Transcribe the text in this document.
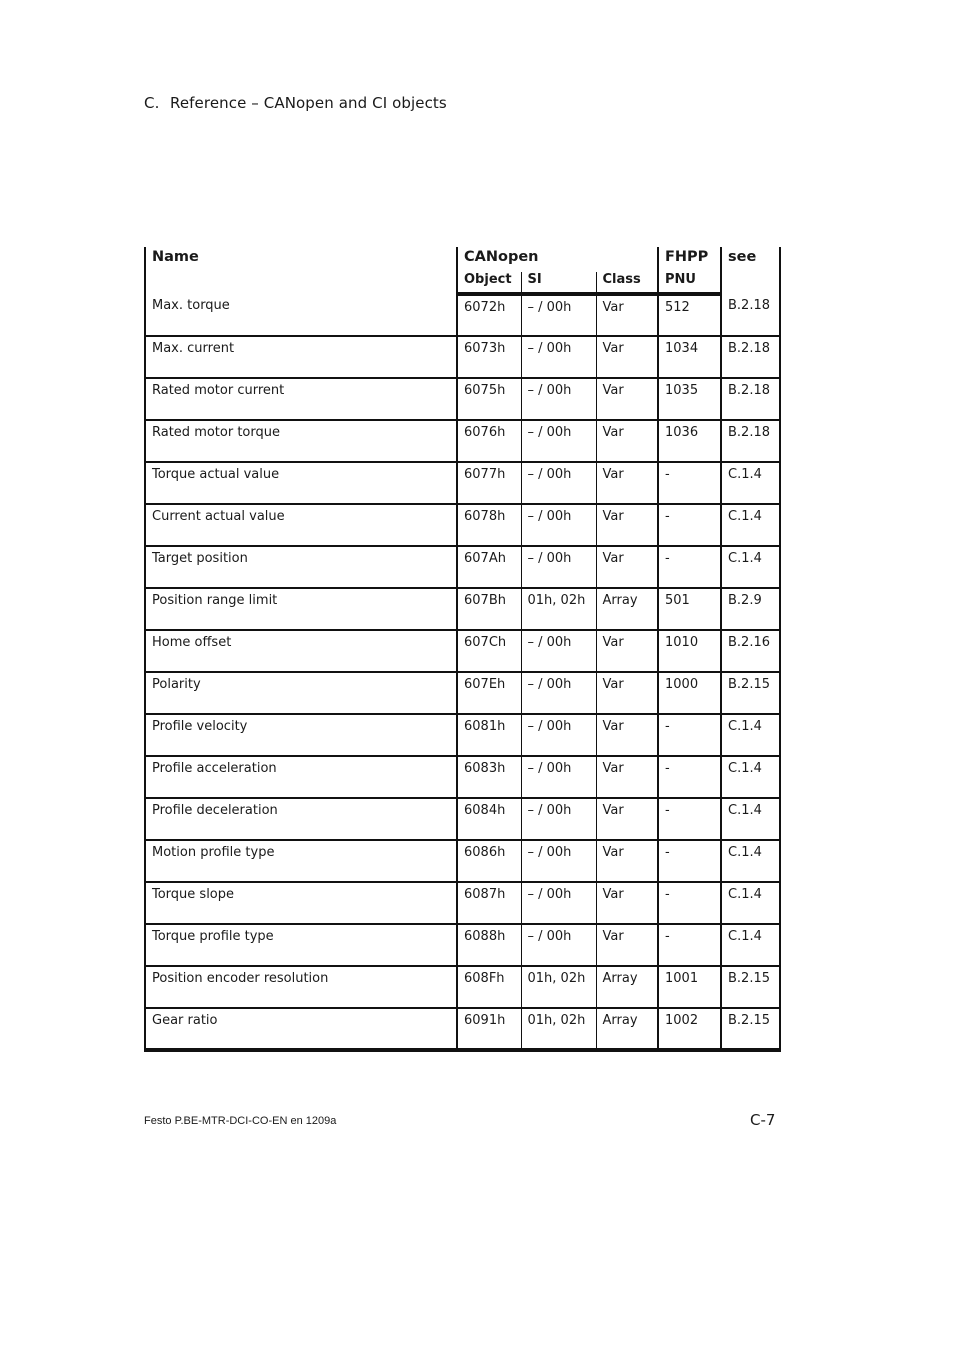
C. Reference – CANopen and CI objects
Name	CANopen			FHPP	see
	Object	SI	Class	PNU	
Max. torque	6072h	– / 00h	Var	512	B.2.18
Max. current	6073h	– / 00h	Var	1034	B.2.18
Rated motor current	6075h	– / 00h	Var	1035	B.2.18
Rated motor torque	6076h	– / 00h	Var	1036	B.2.18
Torque actual value	6077h	– / 00h	Var	-	C.1.4
Current actual value	6078h	– / 00h	Var	-	C.1.4
Target position	607Ah	– / 00h	Var	-	C.1.4
Position range limit	607Bh	01h, 02h	Array	501	B.2.9
Home offset	607Ch	– / 00h	Var	1010	B.2.16
Polarity	607Eh	– / 00h	Var	1000	B.2.15
Profile velocity	6081h	– / 00h	Var	-	C.1.4
Profile acceleration	6083h	– / 00h	Var	-	C.1.4
Profile deceleration	6084h	– / 00h	Var	-	C.1.4
Motion profile type	6086h	– / 00h	Var	-	C.1.4
Torque slope	6087h	– / 00h	Var	-	C.1.4
Torque profile type	6088h	– / 00h	Var	-	C.1.4
Position encoder resolution	608Fh	01h, 02h	Array	1001	B.2.15
Gear ratio	6091h	01h, 02h	Array	1002	B.2.15
Festo P.BE-MTR-DCI-CO-EN en 1209a	C-7
